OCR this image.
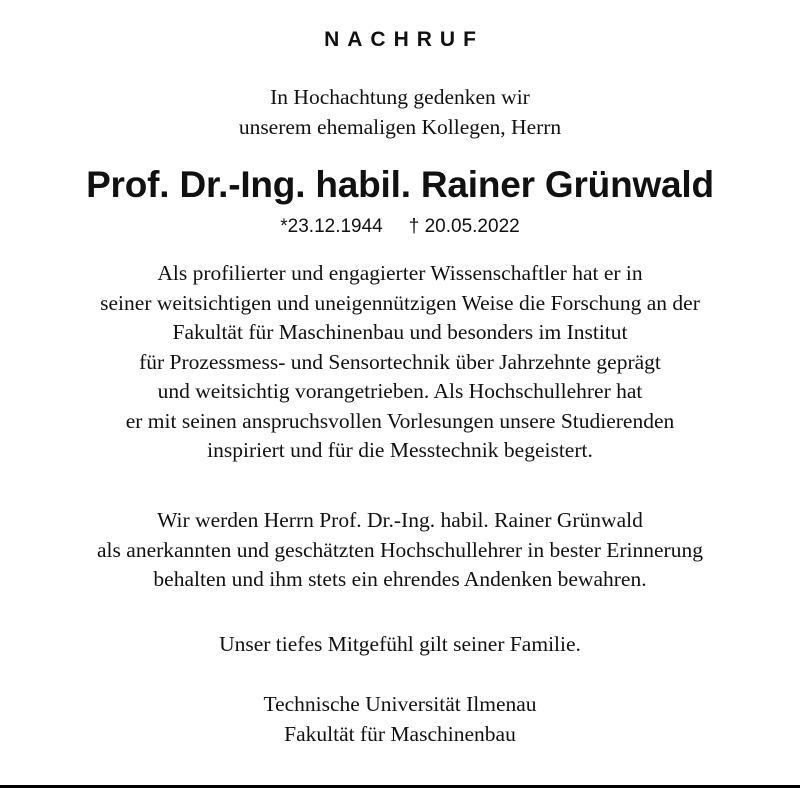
NACHRUF
In Hochachtung gedenken wir
unserem ehemaligen Kollegen, Herrn
Prof. Dr.-Ing. habil. Rainer Grünwald
*23.12.1944 † 20.05.2022
Als profilierter und engagierter Wissenschaftler hat er in
seiner weitsichtigen und uneigennützigen Weise die Forschung an der
Fakultät für Maschinenbau und besonders im Institut
für Prozessmess- und Sensortechnik über Jahrzehnte geprägt
und weitsichtig vorangetrieben. Als Hochschullehrer hat
er mit seinen anspruchsvollen Vorlesungen unsere Studierenden
inspiriert und für die Messtechnik begeistert.
Wir werden Herrn Prof. Dr.-Ing. habil. Rainer Grünwald
als anerkannten und geschätzten Hochschullehrer in bester Erinnerung
behalten und ihm stets ein ehrendes Andenken bewahren.
Unser tiefes Mitgefühl gilt seiner Familie.
Technische Universität Ilmenau
Fakultät für Maschinenbau
